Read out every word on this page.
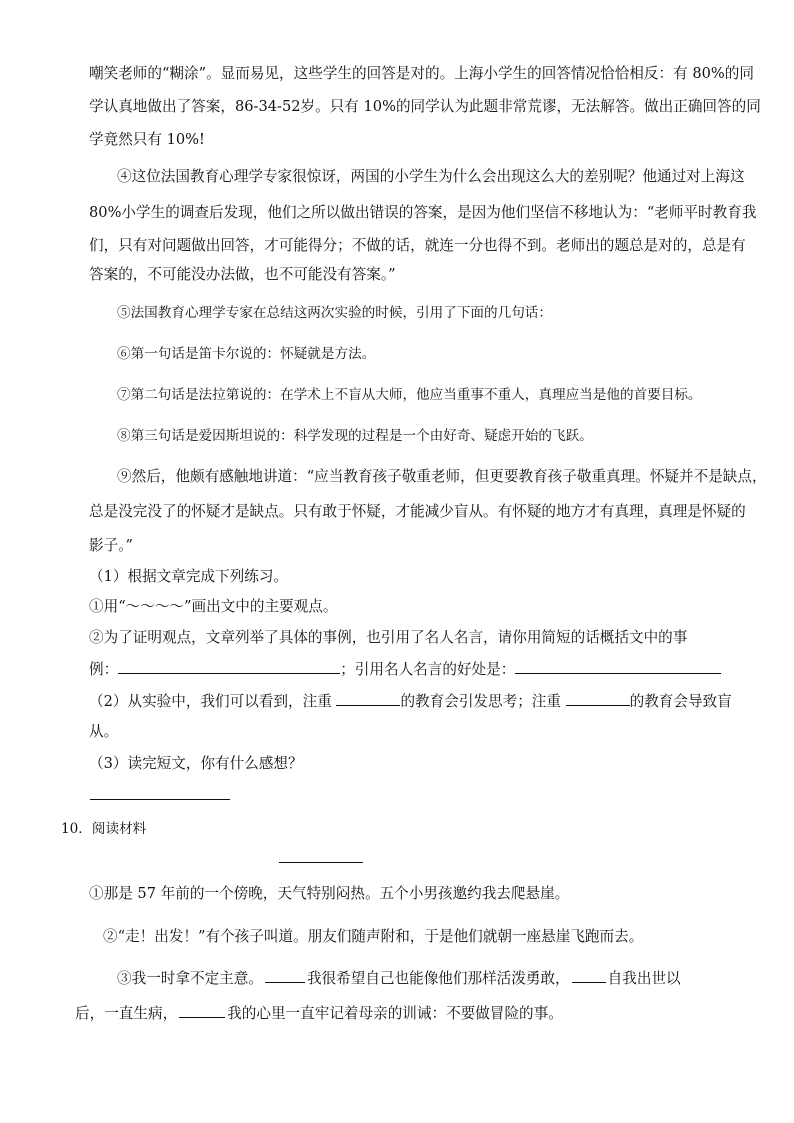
嘲笑老师的“糊涂”。显而易见，这些学生的回答是对的。上海小学生的回答情况恰恰相反：有 80%的同
学认真地做出了答案，86-34-52岁。只有 10%的同学认为此题非常荒谬，无法解答。做出正确回答的同
学竟然只有 10%!
④这位法国教育心理学专家很惊讶，两国的小学生为什么会出现这么大的差别呢？他通过对上海这
80%小学生的调查后发现，他们之所以做出错误的答案，是因为他们坚信不移地认为：“老师平时教育我
们，只有对问题做出回答，才可能得分；不做的话，就连一分也得不到。老师出的题总是对的，总是有
答案的，不可能没办法做，也不可能没有答案。”
⑤法国教育心理学专家在总结这两次实验的时候，引用了下面的几句话：
⑥第一句话是笛卡尔说的：怀疑就是方法。
⑦第二句话是法拉第说的：在学术上不盲从大师，他应当重事不重人，真理应当是他的首要目标。
⑧第三句话是爱因斯坦说的：科学发现的过程是一个由好奇、疑虑开始的飞跃。
⑨然后，他颇有感触地讲道：“应当教育孩子敬重老师，但更要教育孩子敬重真理。怀疑并不是缺点，
总是没完没了的怀疑才是缺点。只有敢于怀疑，才能减少盲从。有怀疑的地方才有真理，真理是怀疑的
影子。”
（1）根据文章完成下列练习。
①用“～～～～”画出文中的主要观点。
②为了证明观点，文章列举了具体的事例，也引用了名人名言，请你用简短的话概括文中的事
例：	；引用名人名言的好处是：
（2）从实验中，我们可以看到，注重	的教育会引发思考；注重	的教育会导致盲
从。
（3）读完短文，你有什么感想？
10．阅读材料
①那是 57 年前的一个傍晚，天气特别闷热。五个小男孩邀约我去爬悬崖。
②“走！出发！”有个孩子叫道。朋友们随声附和，于是他们就朝一座悬崖飞跑而去。
③我一时拿不定主意。	我很希望自己也能像他们那样活泼勇敢，	自我出世以
后，一直生病，	我的心里一直牢记着母亲的训诫：不要做冒险的事。
